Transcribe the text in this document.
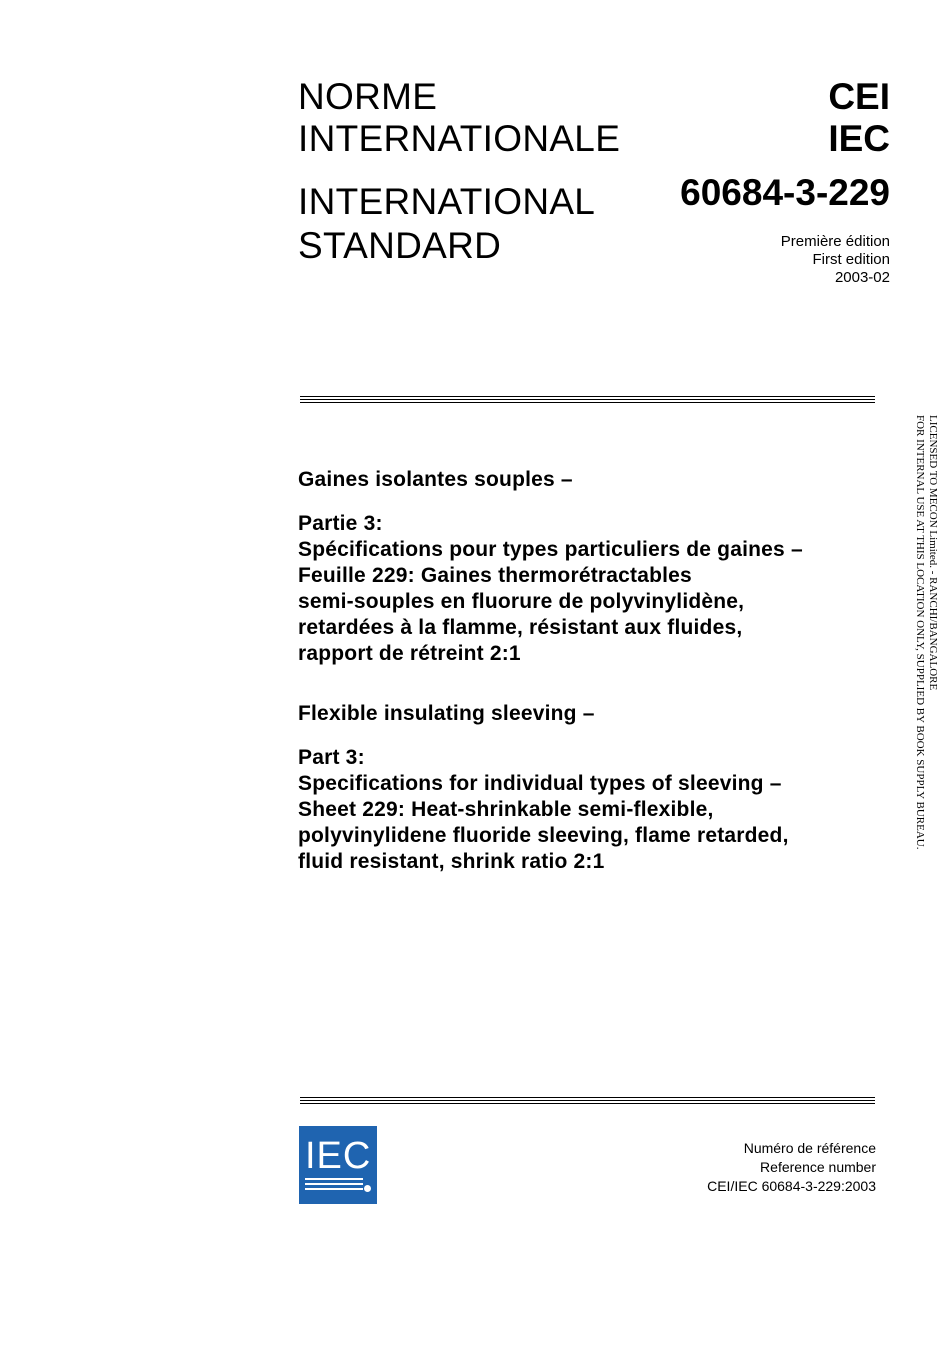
NORME
INTERNATIONALE
INTERNATIONAL
STANDARD
CEI
IEC
60684-3-229
Première édition
First edition
2003-02

Gaines isolantes souples –

Partie 3:

Spécifications pour types particuliers de gaines –
Feuille 229: Gaines thermorétractables
semi-souples en fluorure de polyvinylidène,
retardées à la flamme, résistant aux fluides,
rapport de rétreint 2:1

Flexible insulating sleeving –

Part 3:

Specifications for individual types of sleeving –
Sheet 229: Heat-shrinkable semi-flexible,
polyvinylidene fluoride sleeving, flame retarded,
fluid resistant, shrink ratio 2:1
LICENSED TO MECON Limited. - RANCHI/BANGALORE
FOR INTERNAL USE AT THIS LOCATION ONLY, SUPPLIED BY BOOK SUPPLY BUREAU.
IEC	Numéro de référence
Reference number
CEI/IEC 60684-3-229:2003
